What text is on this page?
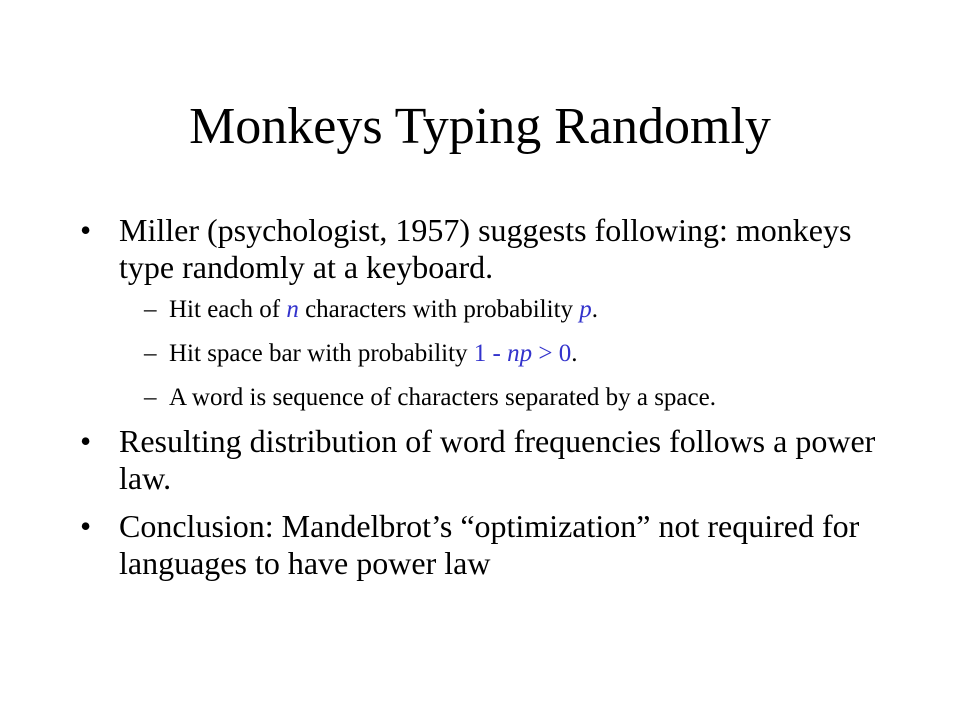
Monkeys Typing Randomly
• Miller (psychologist, 1957) suggests following: monkeys type randomly at a keyboard.
– Hit each of n characters with probability p.
– Hit space bar with probability 1 - np > 0.
– A word is sequence of characters separated by a space.
• Resulting distribution of word frequencies follows a power law.
• Conclusion: Mandelbrot’s “optimization” not required for languages to have power law
